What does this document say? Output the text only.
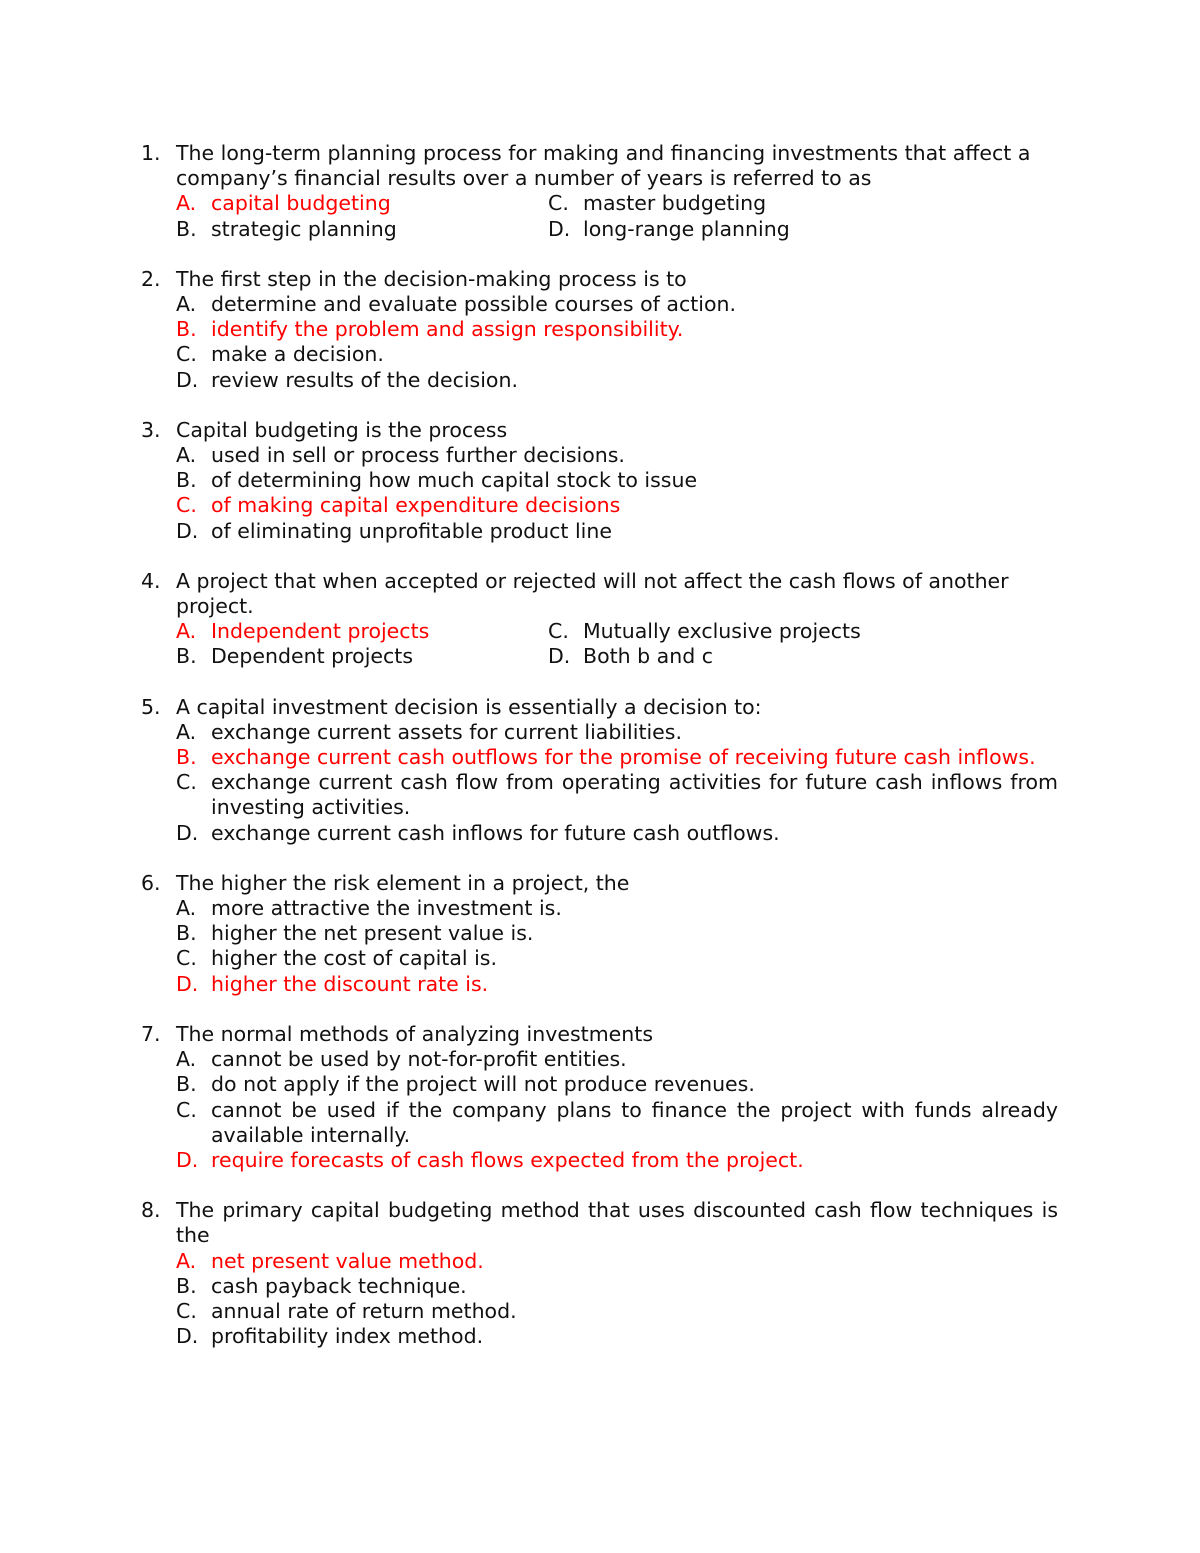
1. The long-term planning process for making and financing investments that affect a company’s financial results over a number of years is referred to as
A. capital budgeting	C. master budgeting
B. strategic planning	D. long-range planning
2. The first step in the decision-making process is to
A. determine and evaluate possible courses of action.
B. identify the problem and assign responsibility.
C. make a decision.
D. review results of the decision.
3. Capital budgeting is the process
A. used in sell or process further decisions.
B. of determining how much capital stock to issue
C. of making capital expenditure decisions
D. of eliminating unprofitable product line
4. A project that when accepted or rejected will not affect the cash flows of another project.
A. Independent projects	C. Mutually exclusive projects
B. Dependent projects	D. Both b and c
5. A capital investment decision is essentially a decision to:
A. exchange current assets for current liabilities.
B. exchange current cash outflows for the promise of receiving future cash inflows.
C. exchange current cash flow from operating activities for future cash inflows from investing activities.
D. exchange current cash inflows for future cash outflows.
6. The higher the risk element in a project, the
A. more attractive the investment is.
B. higher the net present value is.
C. higher the cost of capital is.
D. higher the discount rate is.
7. The normal methods of analyzing investments
A. cannot be used by not-for-profit entities.
B. do not apply if the project will not produce revenues.
C. cannot be used if the company plans to finance the project with funds already available internally.
D. require forecasts of cash flows expected from the project.
8. The primary capital budgeting method that uses discounted cash flow techniques is the
A. net present value method.
B. cash payback technique.
C. annual rate of return method.
D. profitability index method.
